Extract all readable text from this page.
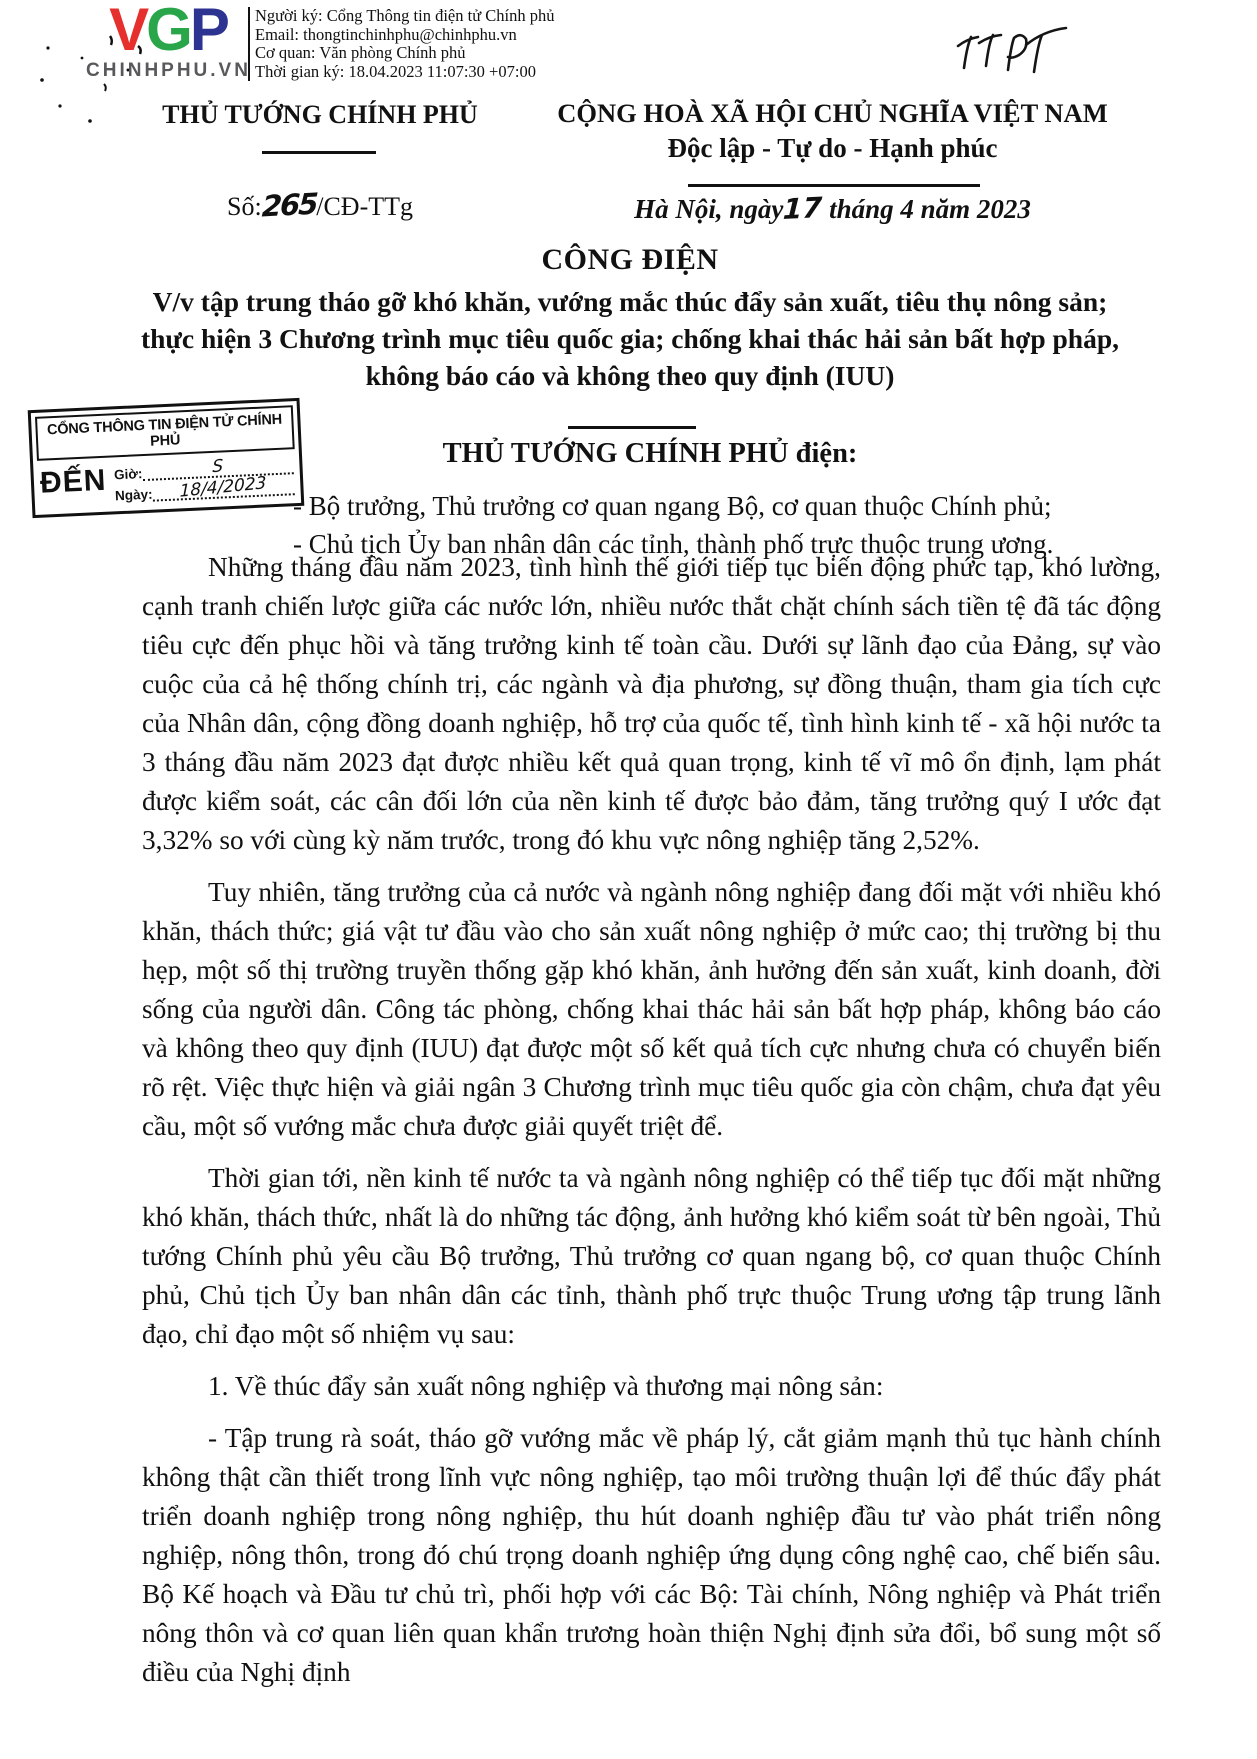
VGP
CHINHPHU.VN
Người ký: Cổng Thông tin điện tử Chính phủ
Email: thongtinchinhphu@chinhphu.vn
Cơ quan: Văn phòng Chính phủ
Thời gian ký: 18.04.2023 11:07:30 +07:00
THỦ TƯỚNG CHÍNH PHỦ
Số:265/CĐ-TTg
CỘNG HOÀ XÃ HỘI CHỦ NGHĨA VIỆT NAM
Độc lập - Tự do - Hạnh phúc
Hà Nội, ngày17 tháng 4 năm 2023
CÔNG ĐIỆN
V/v tập trung tháo gỡ khó khăn, vướng mắc thúc đẩy sản xuất, tiêu thụ nông sản; thực hiện 3 Chương trình mục tiêu quốc gia; chống khai thác hải sản bất hợp pháp, không báo cáo và không theo quy định (IUU)
CỔNG THÔNG TIN ĐIỆN TỬ CHÍNH PHỦ
ĐẾN Giờ:	S
Ngày:	18/4/2023
THỦ TƯỚNG CHÍNH PHỦ điện:
- Bộ trưởng, Thủ trưởng cơ quan ngang Bộ, cơ quan thuộc Chính phủ;
- Chủ tịch Ủy ban nhân dân các tỉnh, thành phố trực thuộc trung ương.

Những tháng đầu năm 2023, tình hình thế giới tiếp tục biến động phức tạp, khó lường, cạnh tranh chiến lược giữa các nước lớn, nhiều nước thắt chặt chính sách tiền tệ đã tác động tiêu cực đến phục hồi và tăng trưởng kinh tế toàn cầu. Dưới sự lãnh đạo của Đảng, sự vào cuộc của cả hệ thống chính trị, các ngành và địa phương, sự đồng thuận, tham gia tích cực của Nhân dân, cộng đồng doanh nghiệp, hỗ trợ của quốc tế, tình hình kinh tế - xã hội nước ta 3 tháng đầu năm 2023 đạt được nhiều kết quả quan trọng, kinh tế vĩ mô ổn định, lạm phát được kiểm soát, các cân đối lớn của nền kinh tế được bảo đảm, tăng trưởng quý I ước đạt 3,32% so với cùng kỳ năm trước, trong đó khu vực nông nghiệp tăng 2,52%.

Tuy nhiên, tăng trưởng của cả nước và ngành nông nghiệp đang đối mặt với nhiều khó khăn, thách thức; giá vật tư đầu vào cho sản xuất nông nghiệp ở mức cao; thị trường bị thu hẹp, một số thị trường truyền thống gặp khó khăn, ảnh hưởng đến sản xuất, kinh doanh, đời sống của người dân. Công tác phòng, chống khai thác hải sản bất hợp pháp, không báo cáo và không theo quy định (IUU) đạt được một số kết quả tích cực nhưng chưa có chuyển biến rõ rệt. Việc thực hiện và giải ngân 3 Chương trình mục tiêu quốc gia còn chậm, chưa đạt yêu cầu, một số vướng mắc chưa được giải quyết triệt để.

Thời gian tới, nền kinh tế nước ta và ngành nông nghiệp có thể tiếp tục đối mặt những khó khăn, thách thức, nhất là do những tác động, ảnh hưởng khó kiểm soát từ bên ngoài, Thủ tướng Chính phủ yêu cầu Bộ trưởng, Thủ trưởng cơ quan ngang bộ, cơ quan thuộc Chính phủ, Chủ tịch Ủy ban nhân dân các tỉnh, thành phố trực thuộc Trung ương tập trung lãnh đạo, chỉ đạo một số nhiệm vụ sau:

1. Về thúc đẩy sản xuất nông nghiệp và thương mại nông sản:

- Tập trung rà soát, tháo gỡ vướng mắc về pháp lý, cắt giảm mạnh thủ tục hành chính không thật cần thiết trong lĩnh vực nông nghiệp, tạo môi trường thuận lợi để thúc đẩy phát triển doanh nghiệp trong nông nghiệp, thu hút doanh nghiệp đầu tư vào phát triển nông nghiệp, nông thôn, trong đó chú trọng doanh nghiệp ứng dụng công nghệ cao, chế biến sâu. Bộ Kế hoạch và Đầu tư chủ trì, phối hợp với các Bộ: Tài chính, Nông nghiệp và Phát triển nông thôn và cơ quan liên quan khẩn trương hoàn thiện Nghị định sửa đổi, bổ sung một số điều của Nghị định
